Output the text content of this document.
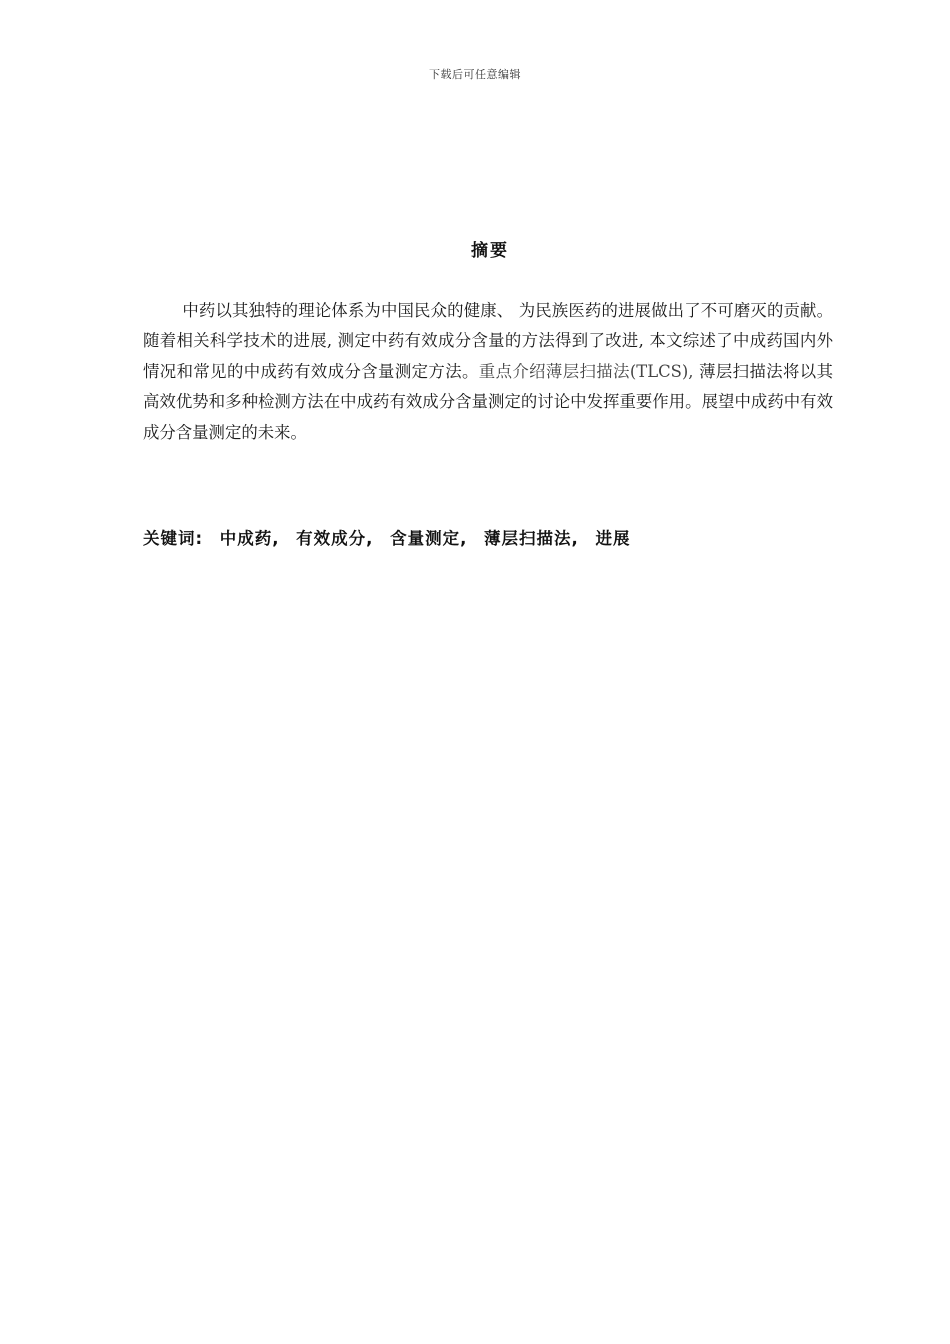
下载后可任意编辑
摘要

中药以其独特的理论体系为中国民众的健康、 为民族医药的进展做出了不可磨灭的贡献。随着相关科学技术的进展, 测定中药有效成分含量的方法得到了改进, 本文综述了中成药国内外情况和常见的中成药有效成分含量测定方法。重点介绍薄层扫描法(TLCS), 薄层扫描法将以其高效优势和多种检测方法在中成药有效成分含量测定的讨论中发挥重要作用。展望中成药中有效成分含量测定的未来。

关键词: 中成药, 有效成分, 含量测定, 薄层扫描法, 进展
